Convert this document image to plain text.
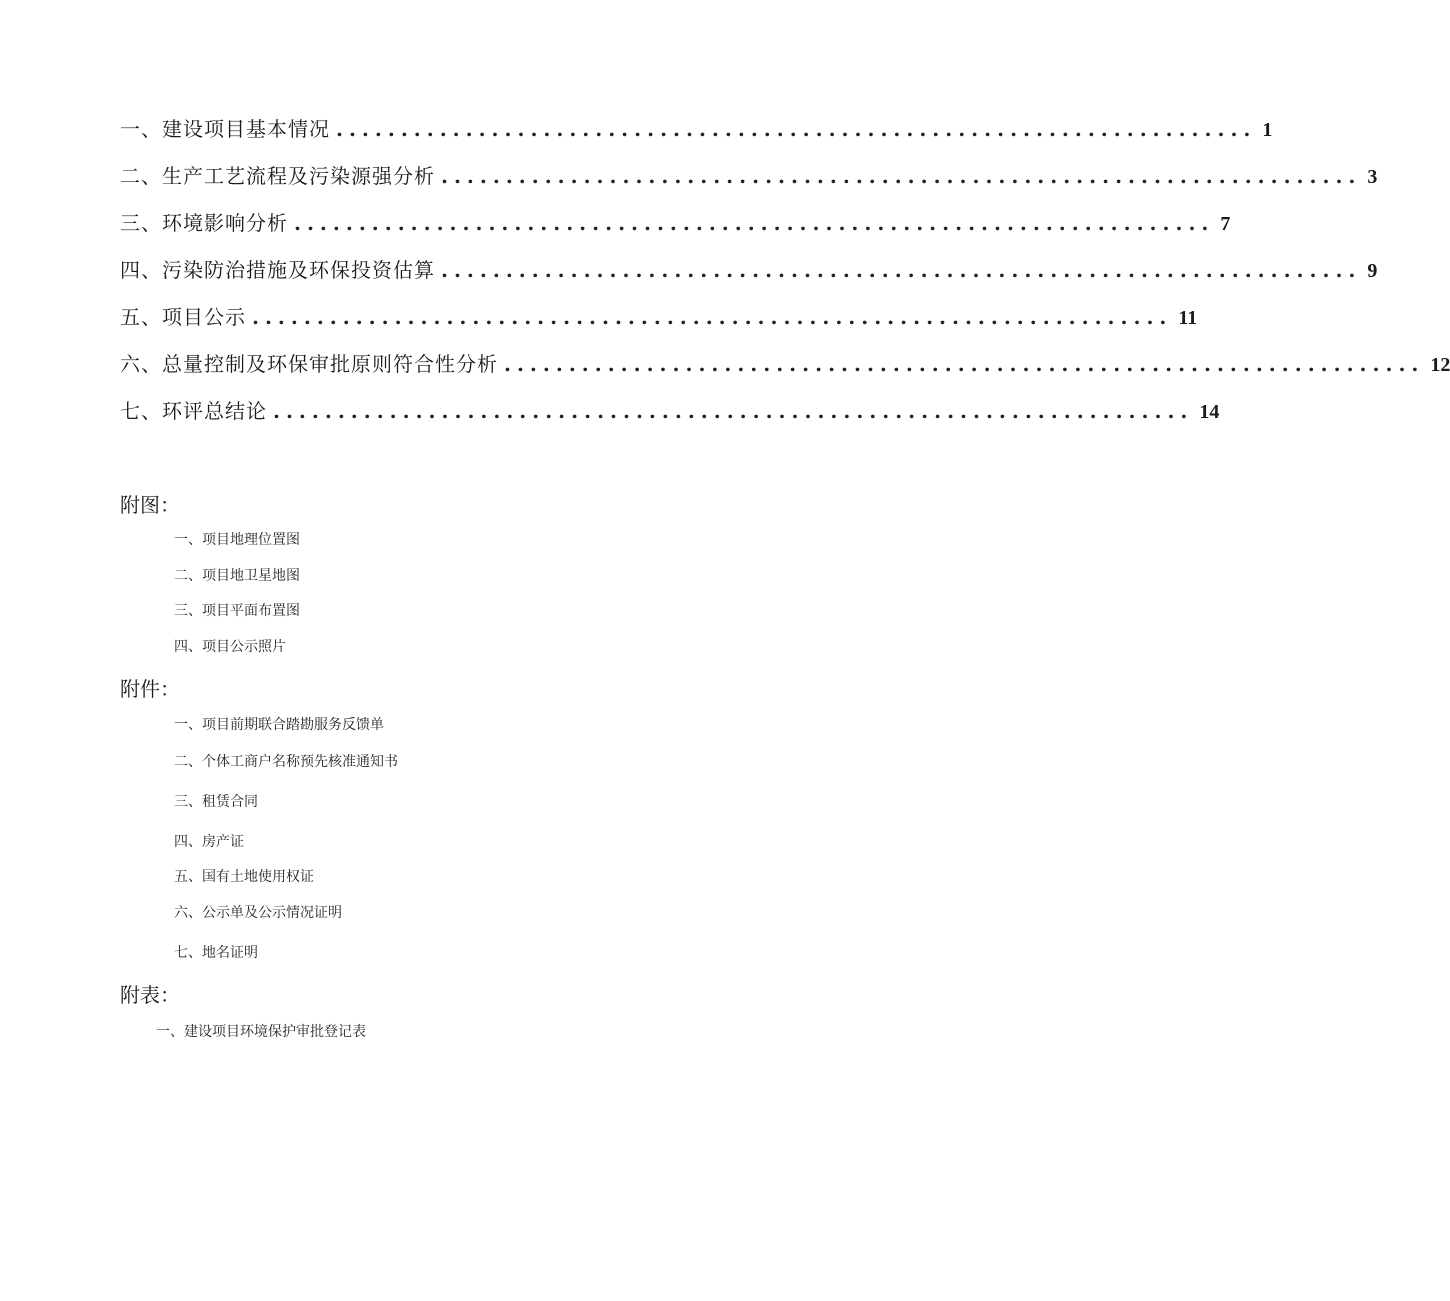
一、建设项目基本情况 ....................................................................... 1
二、生产工艺流程及污染源强分析 ....................................................................... 3
三、环境影响分析 ....................................................................... 7
四、污染防治措施及环保投资估算 ....................................................................... 9
五、项目公示 ....................................................................... 11
六、总量控制及环保审批原则符合性分析 ....................................................................... 12
七、环评总结论 ....................................................................... 14
附图：
一、项目地理位置图
二、项目地卫星地图
三、项目平面布置图
四、项目公示照片
附件：
一、项目前期联合踏勘服务反馈单
二、个体工商户名称预先核准通知书
三、租赁合同
四、房产证
五、国有土地使用权证
六、公示单及公示情况证明
七、地名证明
附表：
一、建设项目环境保护审批登记表
